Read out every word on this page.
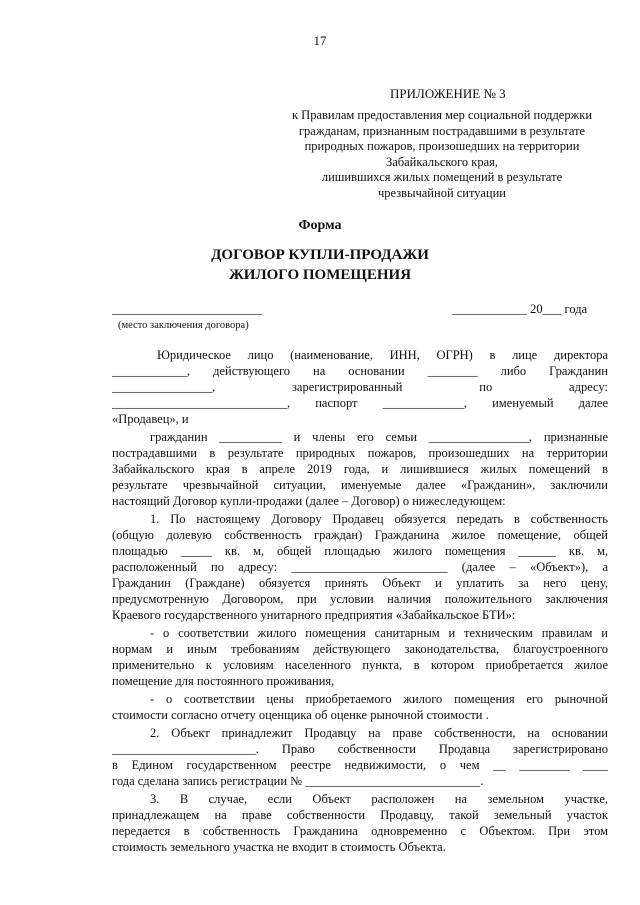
17
ПРИЛОЖЕНИЕ № 3
к Правилам предоставления мер социальной поддержки
гражданам, признанным пострадавшими в результате
природных пожаров, произошедших на территории
Забайкальского края,
лишившихся жилых помещений в результате
чрезвычайной ситуации
Форма
ДОГОВОР КУПЛИ-ПРОДАЖИ
ЖИЛОГО ПОМЕЩЕНИЯ
________________________	____________ 20___ года
(место заключения договора)
Юридическое лицо (наименование, ИНН, ОГРН) в лице директора
____________, действующего на основании ________ либо Гражданин
________________, зарегистрированный по адресу:
____________________________, паспорт _____________, именуемый далее
«Продавец», и
гражданин __________ и члены его семьи ________________, признанные
пострадавшими в результате природных пожаров, произошедших на территории
Забайкальского края в апреле 2019 года, и лишившиеся жилых помещений в
результате чрезвычайной ситуации, именуемые далее «Гражданин», заключили
настоящий Договор купли-продажи (далее – Договор) о нижеследующем:
1. По настоящему Договору Продавец обязуется передать в собственность
(общую долевую собственность граждан) Гражданина жилое помещение, общей
площадью _____ кв. м, общей площадью жилого помещения ______ кв. м,
расположенный по адресу: _________________________ (далее – «Объект»), а
Гражданин (Граждане) обязуется принять Объект и уплатить за него цену,
предусмотренную Договором, при условии наличия положительного заключения
Краевого государственного унитарного предприятия «Забайкальское БТИ»:
- о соответствии жилого помещения санитарным и техническим правилам и
нормам и иным требованиям действующего законодательства, благоустроенного
применительно к условиям населенного пункта, в котором приобретается жилое
помещение для постоянного проживания,
- о соответствии цены приобретаемого жилого помещения его рыночной
стоимости согласно отчету оценщика об оценке рыночной стоимости .
2. Объект принадлежит Продавцу на праве собственности, на основании
_______________________. Право собственности Продавца зарегистрировано
в Едином государственном реестре недвижимости, о чем __ ________ ____
года сделана запись регистрации № ____________________________.
3. В случае, если Объект расположен на земельном участке,
принадлежащем на праве собственности Продавцу, такой земельный участок
передается в собственность Гражданина одновременно с Объектом. При этом
стоимость земельного участка не входит в стоимость Объекта.
